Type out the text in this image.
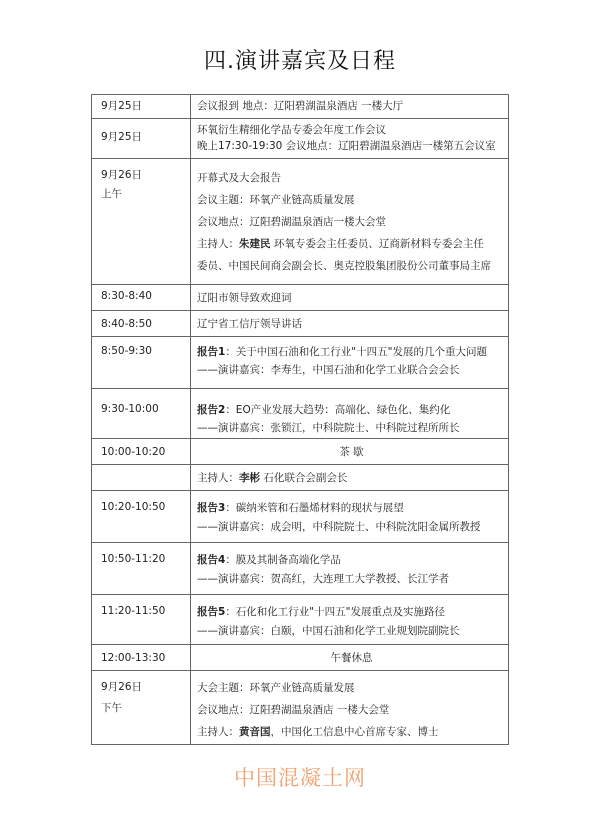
四.演讲嘉宾及日程
9月25日	会议报到 地点：辽阳碧湖温泉酒店 一楼大厅

9月25日	环氧衍生精细化学品专委会年度工作会议
晚上17:30-19:30 会议地点：辽阳碧湖温泉酒店一楼第五会议室

9月26日
上午	开幕式及大会报告
会议主题：环氧产业链高质量发展
会议地点：辽阳碧湖温泉酒店一楼大会堂
主持人：朱建民 环氧专委会主任委员、辽商新材料专委会主任
委员、中国民间商会副会长、奥克控股集团股份公司董事局主席

8:30-8:40	辽阳市领导致欢迎词

8:40-8:50	辽宁省工信厅领导讲话

8:50-9:30	报告1：关于中国石油和化工行业"十四五"发展的几个重大问题
——演讲嘉宾：李寿生，中国石油和化学工业联合会会长

9:30-10:00	报告2：EO产业发展大趋势：高端化、绿色化、集约化
——演讲嘉宾：张锁江，中科院院士、中科院过程所所长

10:00-10:20	茶 歇

	主持人：李彬 石化联合会副会长

10:20-10:50	报告3：碳纳米管和石墨烯材料的现状与展望
——演讲嘉宾：成会明，中科院院士、中科院沈阳金属所教授

10:50-11:20	报告4：膜及其制备高端化学品
——演讲嘉宾：贺高红，大连理工大学教授、长江学者

11:20-11:50	报告5：石化和化工行业"十四五"发展重点及实施路径
——演讲嘉宾：白颐，中国石油和化学工业规划院副院长

12:00-13:30	午餐休息

9月26日
下午	大会主题：环氧产业链高质量发展
会议地点：辽阳碧湖温泉酒店 一楼大会堂
主持人：黄音国，中国化工信息中心首席专家、博士
中国混凝土网
